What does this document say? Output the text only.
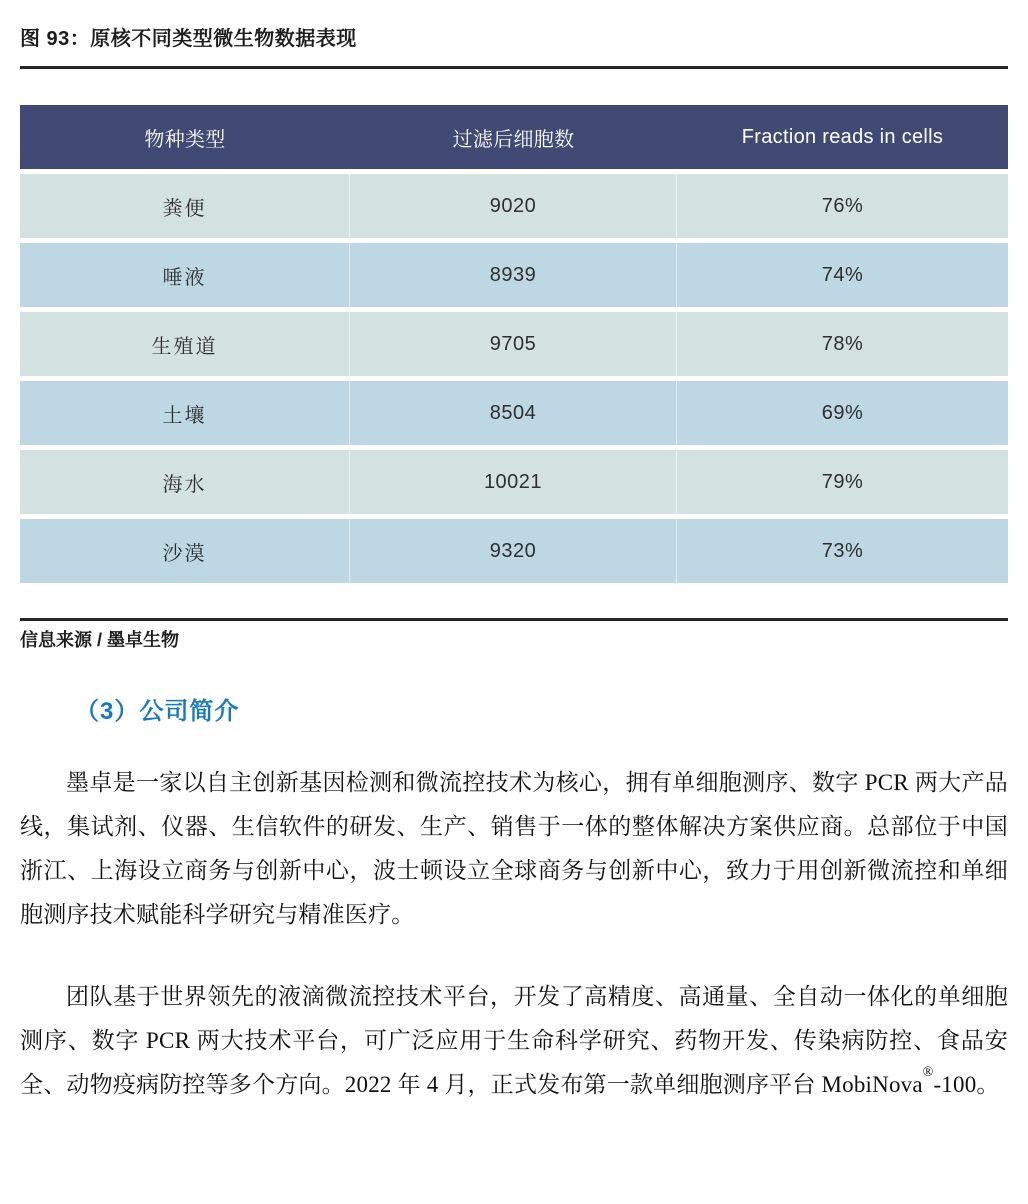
图 93：原核不同类型微生物数据表现
物种类型	过滤后细胞数	Fraction reads in cells
粪便	9020	76%
唾液	8939	74%
生殖道	9705	78%
土壤	8504	69%
海水	10021	79%
沙漠	9320	73%
信息来源 / 墨卓生物
（3）公司简介

墨卓是一家以自主创新基因检测和微流控技术为核心，拥有单细胞测序、数字 PCR 两大产品线，集试剂、仪器、生信软件的研发、生产、销售于一体的整体解决方案供应商。总部位于中国浙江、上海设立商务与创新中心，波士顿设立全球商务与创新中心，致力于用创新微流控和单细胞测序技术赋能科学研究与精准医疗。

团队基于世界领先的液滴微流控技术平台，开发了高精度、高通量、全自动一体化的单细胞测序、数字 PCR 两大技术平台，可广泛应用于生命科学研究、药物开发、传染病防控、食品安全、动物疫病防控等多个方向。2022 年 4 月，正式发布第一款单细胞测序平台 MobiNova®-100。
